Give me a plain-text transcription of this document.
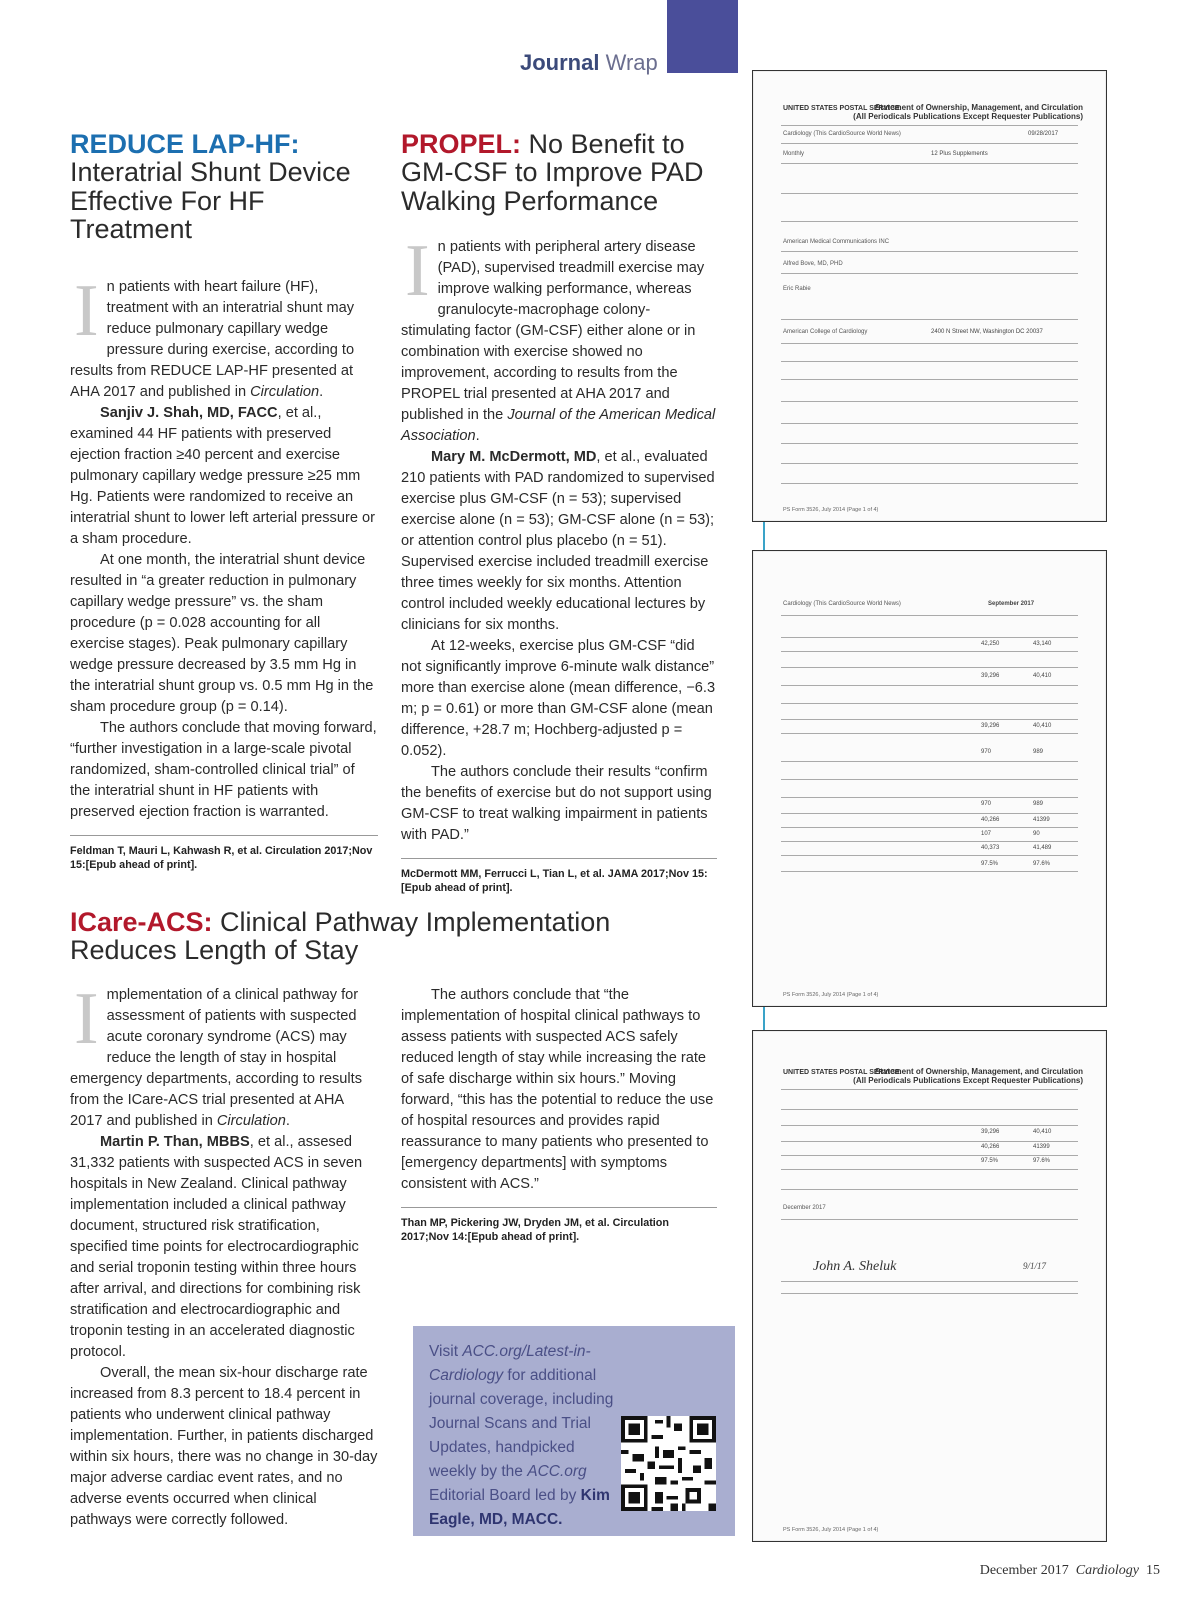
Journal Wrap
REDUCE LAP-HF:
Interatrial Shunt Device Effective For HF Treatment

In patients with heart failure (HF), treatment with an interatrial shunt may reduce pulmonary capillary wedge pressure during exercise, according to results from REDUCE LAP-HF presented at AHA 2017 and published in Circulation.

Sanjiv J. Shah, MD, FACC, et al., examined 44 HF patients with preserved ejection fraction ≥40 percent and exercise pulmonary capillary wedge pressure ≥25 mm Hg. Patients were randomized to receive an interatrial shunt to lower left arterial pressure or a sham procedure.

At one month, the interatrial shunt device resulted in “a greater reduction in pulmonary capillary wedge pressure” vs. the sham procedure (p = 0.028 accounting for all exercise stages). Peak pulmonary capillary wedge pressure decreased by 3.5 mm Hg in the interatrial shunt group vs. 0.5 mm Hg in the sham procedure group (p = 0.14).

The authors conclude that moving forward, “further investigation in a large-scale pivotal randomized, sham-controlled clinical trial” of the interatrial shunt in HF patients with preserved ejection fraction is warranted.

Feldman T, Mauri L, Kahwash R, et al. Circulation 2017;Nov 15:[Epub ahead of print].
PROPEL: No Benefit to GM-CSF to Improve PAD Walking Performance

In patients with peripheral artery disease (PAD), supervised treadmill exercise may improve walking performance, whereas granulocyte-macrophage colony-stimulating factor (GM-CSF) either alone or in combination with exercise showed no improvement, according to results from the PROPEL trial presented at AHA 2017 and published in the Journal of the American Medical Association.

Mary M. McDermott, MD, et al., evaluated 210 patients with PAD randomized to supervised exercise plus GM-CSF (n = 53); supervised exercise alone (n = 53); GM-CSF alone (n = 53); or attention control plus placebo (n = 51). Supervised exercise included treadmill exercise three times weekly for six months. Attention control included weekly educational lectures by clinicians for six months.

At 12-weeks, exercise plus GM-CSF “did not significantly improve 6-minute walk distance” more than exercise alone (mean difference, −6.3 m; p = 0.61) or more than GM-CSF alone (mean difference, +28.7 m; Hochberg-adjusted p = 0.052).

The authors conclude their results “confirm the benefits of exercise but do not support using GM-CSF to treat walking impairment in patients with PAD.”

McDermott MM, Ferrucci L, Tian L, et al. JAMA 2017;Nov 15:[Epub ahead of print].
ICare-ACS: Clinical Pathway Implementation Reduces Length of Stay

Implementation of a clinical pathway for assessment of patients with suspected acute coronary syndrome (ACS) may reduce the length of stay in hospital emergency departments, according to results from the ICare-ACS trial presented at AHA 2017 and published in Circulation.

Martin P. Than, MBBS, et al., assesed 31,332 patients with suspected ACS in seven hospitals in New Zealand. Clinical pathway implementation included a clinical pathway document, structured risk stratification, specified time points for electrocardiographic and serial troponin testing within three hours after arrival, and directions for combining risk stratification and electrocardiographic and troponin testing in an accelerated diagnostic protocol.

Overall, the mean six-hour discharge rate increased from 8.3 percent to 18.4 percent in patients who underwent clinical pathway implementation. Further, in patients discharged within six hours, there was no change in 30-day major adverse cardiac event rates, and no adverse events occurred when clinical pathways were correctly followed.

The authors conclude that “the implementation of hospital clinical pathways to assess patients with suspected ACS safely reduced length of stay while increasing the rate of safe discharge within six hours.” Moving forward, “this has the potential to reduce the use of hospital resources and provides rapid reassurance to many patients who presented to [emergency departments] with symptoms consistent with ACS.”

Than MP, Pickering JW, Dryden JM, et al. Circulation 2017;Nov 14:[Epub ahead of print].
Visit ACC.org/Latest-in-Cardiology for additional journal coverage, including Journal Scans and Trial Updates, handpicked weekly by the ACC.org Editorial Board led by Kim Eagle, MD, MACC.
UNITED STATES POSTAL SERVICE
Statement of Ownership, Management, and Circulation
(All Periodicals Publications Except Requester Publications)
Cardiology (This CardioSource World News)	09/28/2017
Monthly	12 Plus Supplements
American Medical Communications INC
Alfred Bove, MD, PHD
Eric Rabie
American College of Cardiology	2400 N Street NW, Washington DC 20037
PS Form 3526, July 2014 (Page 1 of 4)
Cardiology (This CardioSource World News)	September 2017
42,250	43,140
39,296	40,410
39,296	40,410
970	989
970	989
40,266	41399
107	90
40,373	41,489
97.5%	97.6%
PS Form 3526, July 2014 (Page 1 of 4)
UNITED STATES POSTAL SERVICE
Statement of Ownership, Management, and Circulation
(All Periodicals Publications Except Requester Publications)
39,296	40,410
40,266	41399
97.5%	97.6%
December 2017
John A. Sheluk	9/1/17
PS Form 3526, July 2014 (Page 1 of 4)
December 2017 Cardiology 15
